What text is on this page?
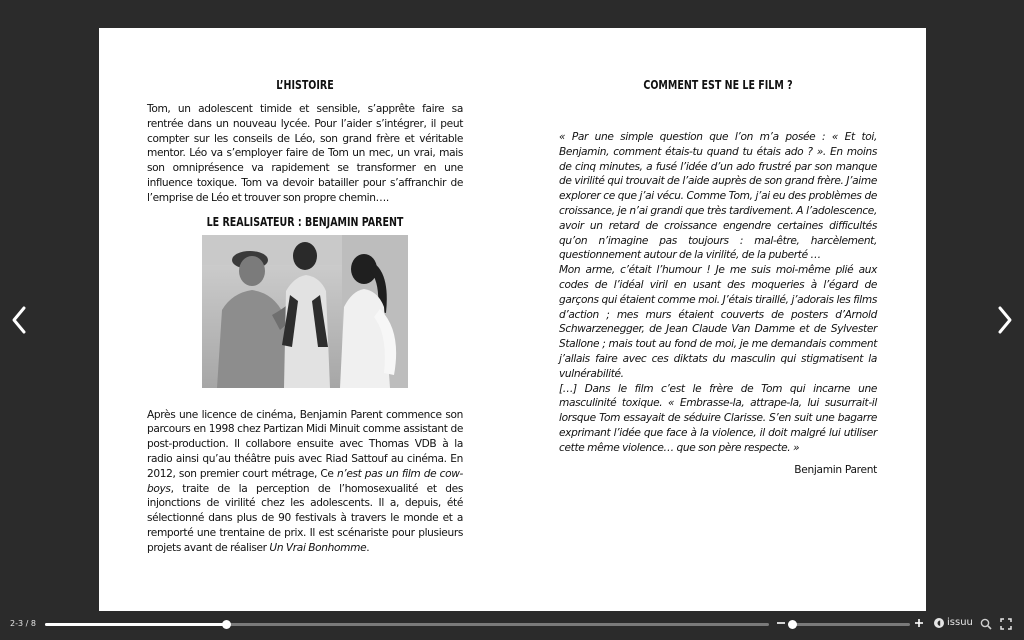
L’HISTOIRE

Tom, un adolescent timide et sensible, s’apprête faire sa rentrée dans un nouveau lycée. Pour l’aider s’intégrer, il peut compter sur les conseils de Léo, son grand frère et véritable mentor. Léo va s’employer faire de Tom un mec, un vrai, mais son omniprésence va rapidement se transformer en une influence toxique. Tom va devoir batailler pour s’affranchir de l’emprise de Léo et trouver son propre chemin….

LE REALISATEUR : BENJAMIN PARENT

Après une licence de cinéma, Benjamin Parent commence son parcours en 1998 chez Partizan Midi Minuit comme assistant de post-production. Il collabore ensuite avec Thomas VDB à la radio ainsi qu’au théâtre puis avec Riad Sattouf au cinéma. En 2012, son premier court métrage, Ce n’est pas un film de cow-boys, traite de la perception de l’homosexualité et des injonctions de virilité chez les adolescents. Il a, depuis, été sélectionné dans plus de 90 festivals à travers le monde et a remporté une trentaine de prix. Il est scénariste pour plusieurs projets avant de réaliser Un Vrai Bonhomme.

COMMENT EST NE LE FILM ?

« Par une simple question que l’on m’a posée : « Et toi, Benjamin, comment étais-tu quand tu étais ado ? ». En moins de cinq minutes, a fusé l’idée d’un ado frustré par son manque de virilité qui trouvait de l’aide auprès de son grand frère. J’aime explorer ce que j’ai vécu. Comme Tom, j’ai eu des problèmes de croissance, je n’ai grandi que très tardivement. A l’adolescence, avoir un retard de croissance engendre certaines difficultés qu’on n’imagine pas toujours : mal-être, harcèlement, questionnement autour de la virilité, de la puberté …

Mon arme, c’était l’humour ! Je me suis moi-même plié aux codes de l’idéal viril en usant des moqueries à l’égard de garçons qui étaient comme moi. J’étais tiraillé, j’adorais les films d’action ; mes murs étaient couverts de posters d’Arnold Schwarzenegger, de Jean Claude Van Damme et de Sylvester Stallone ; mais tout au fond de moi, je me demandais comment j’allais faire avec ces diktats du masculin qui stigmatisent la vulnérabilité.

[…] Dans le film c’est le frère de Tom qui incarne une masculinité toxique. « Embrasse-la, attrape-la, lui susurrait-il lorsque Tom essayait de séduire Clarisse. S’en suit une bagarre exprimant l’idée que face à la violence, il doit malgré lui utiliser cette même violence… que son père respecte. »

Benjamin Parent
2-3 / 8	◖ issuu
